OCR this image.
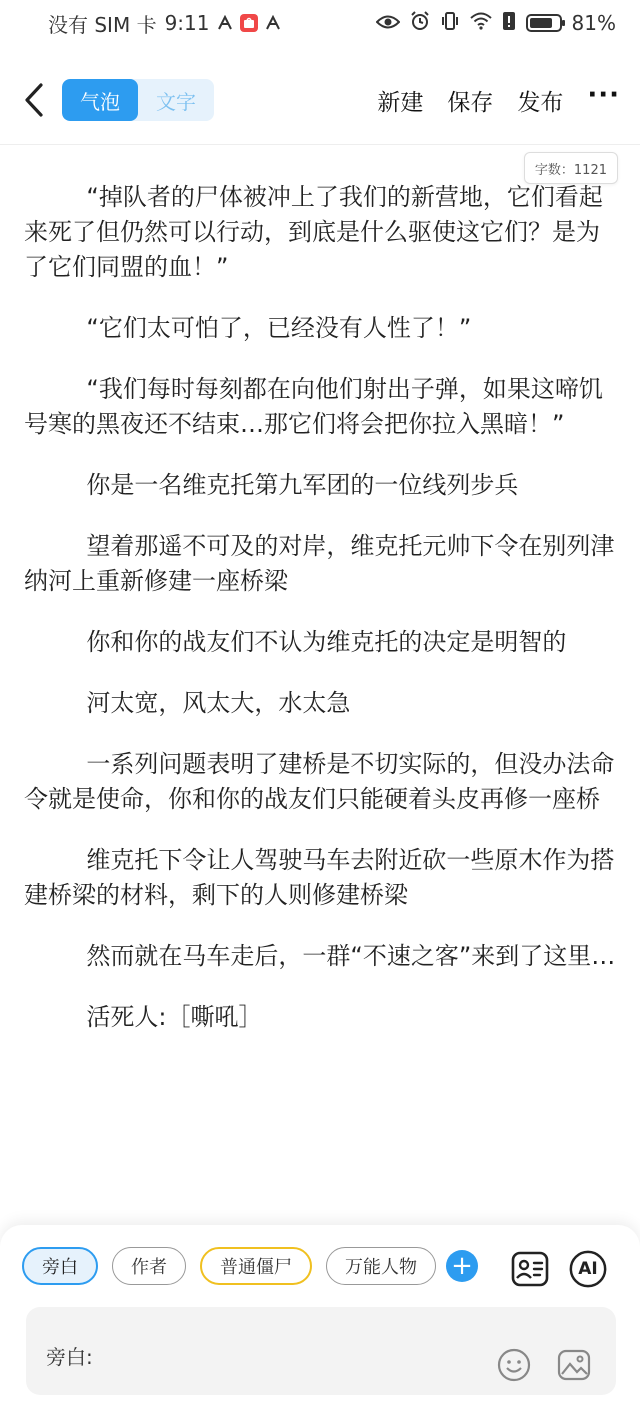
没有 SIM 卡 9:11	81%
气泡	文字	新建 保存 发布 ···
字数：1121

“掉队者的尸体被冲上了我们的新营地，它们看起来死了但仍然可以行动，到底是什么驱使这它们？是为了它们同盟的血！”

“它们太可怕了，已经没有人性了！”

“我们每时每刻都在向他们射出子弹，如果这啼饥号寒的黑夜还不结束…那它们将会把你拉入黑暗！”

你是一名维克托第九军团的一位线列步兵

望着那遥不可及的对岸，维克托元帅下令在别列津纳河上重新修建一座桥梁

你和你的战友们不认为维克托的决定是明智的

河太宽，风太大，水太急

一系列问题表明了建桥是不切实际的，但没办法命令就是使命，你和你的战友们只能硬着头皮再修一座桥

维克托下令让人驾驶马车去附近砍一些原木作为搭建桥梁的材料，剩下的人则修建桥梁

然而就在马车走后，一群“不速之客”来到了这里…

活死人:［嘶吼］

旁白	作者	普通僵尸	万能人物	+	AI
旁白:
